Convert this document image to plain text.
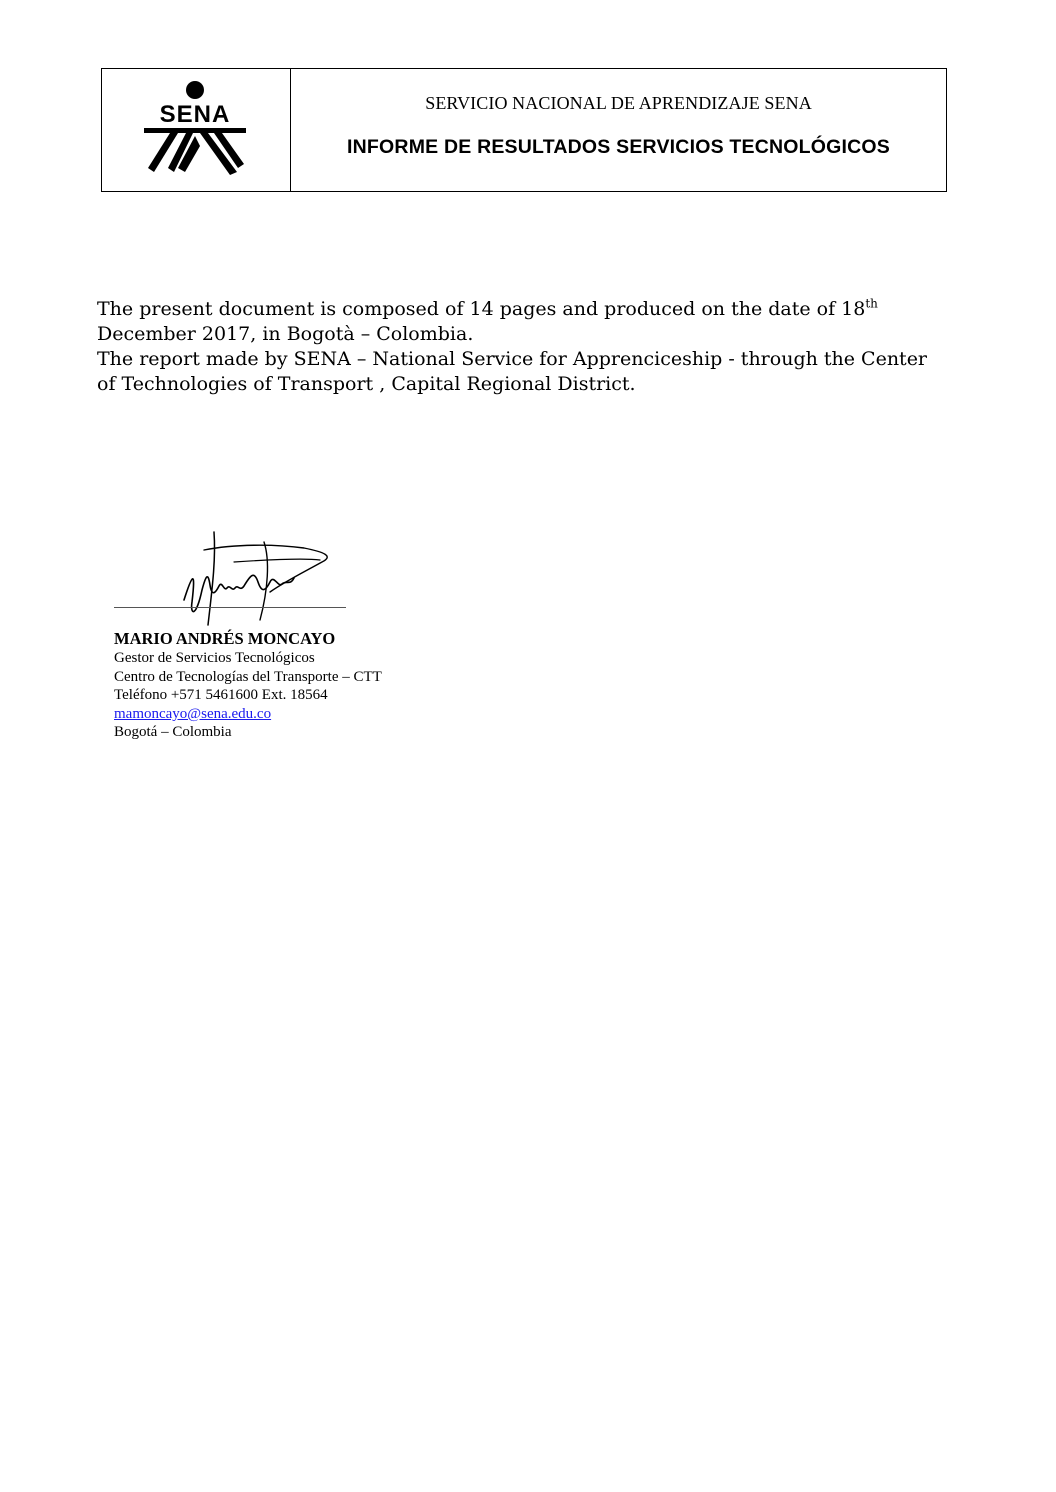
SENA	SERVICIO NACIONAL DE APRENDIZAJE SENA
INFORME DE RESULTADOS SERVICIOS TECNOLÓGICOS

The present document is composed of 14 pages and produced on the date of 18th December 2017, in Bogotà – Colombia.

The report made by SENA – National Service for Apprenciceship - through the Center of Technologies of Transport , Capital Regional District.

MARIO ANDRÉS MONCAYO
Gestor de Servicios Tecnológicos
Centro de Tecnologías del Transporte – CTT
Teléfono +571 5461600 Ext. 18564
mamoncayo@sena.edu.co
Bogotá – Colombia
